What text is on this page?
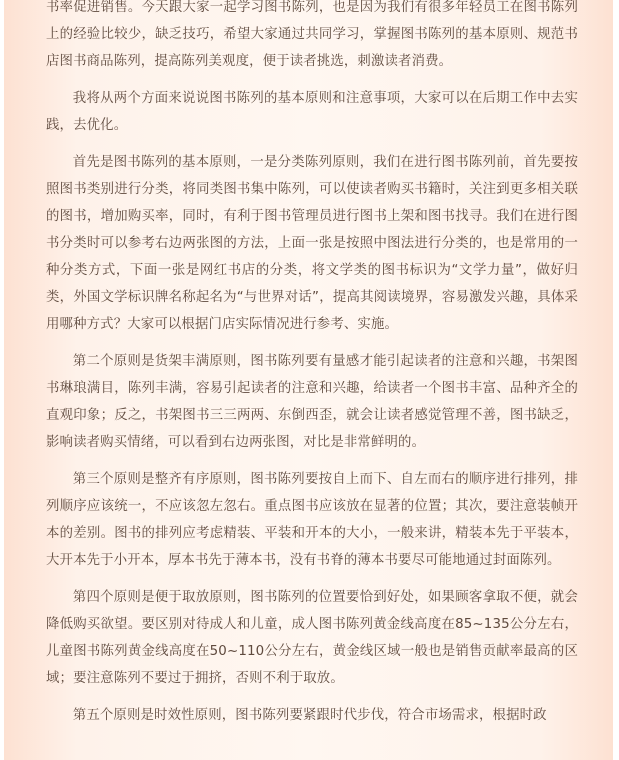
书率促进销售。今天跟大家一起学习图书陈列，也是因为我们有很多年轻员工在图书陈列上的经验比较少，缺乏技巧，希望大家通过共同学习，掌握图书陈列的基本原则、规范书店图书商品陈列，提高陈列美观度，便于读者挑选，刺激读者消费。

我将从两个方面来说说图书陈列的基本原则和注意事项，大家可以在后期工作中去实践，去优化。

首先是图书陈列的基本原则，一是分类陈列原则，我们在进行图书陈列前，首先要按照图书类别进行分类，将同类图书集中陈列，可以使读者购买书籍时，关注到更多相关联的图书，增加购买率，同时，有利于图书管理员进行图书上架和图书找寻。我们在进行图书分类时可以参考右边两张图的方法，上面一张是按照中图法进行分类的，也是常用的一种分类方式，下面一张是网红书店的分类，将文学类的图书标识为“文学力量”，做好归类，外国文学标识牌名称起名为“与世界对话”，提高其阅读境界，容易激发兴趣，具体采用哪种方式？大家可以根据门店实际情况进行参考、实施。

第二个原则是货架丰满原则，图书陈列要有量感才能引起读者的注意和兴趣，书架图书琳琅满目，陈列丰满，容易引起读者的注意和兴趣，给读者一个图书丰富、品种齐全的直观印象；反之，书架图书三三两两、东倒西歪，就会让读者感觉管理不善，图书缺乏，影响读者购买情绪，可以看到右边两张图，对比是非常鲜明的。

第三个原则是整齐有序原则，图书陈列要按自上而下、自左而右的顺序进行排列，排列顺序应该统一，不应该忽左忽右。重点图书应该放在显著的位置；其次，要注意装帧开本的差别。图书的排列应考虑精装、平装和开本的大小，一般来讲，精装本先于平装本，大开本先于小开本，厚本书先于薄本书，没有书脊的薄本书要尽可能地通过封面陈列。

第四个原则是便于取放原则，图书陈列的位置要恰到好处，如果顾客拿取不便，就会降低购买欲望。要区别对待成人和儿童，成人图书陈列黄金线高度在85~135公分左右，儿童图书陈列黄金线高度在50~110公分左右，黄金线区域一般也是销售贡献率最高的区域；要注意陈列不要过于拥挤，否则不利于取放。

第五个原则是时效性原则，图书陈列要紧跟时代步伐，符合市场需求，根据时政
